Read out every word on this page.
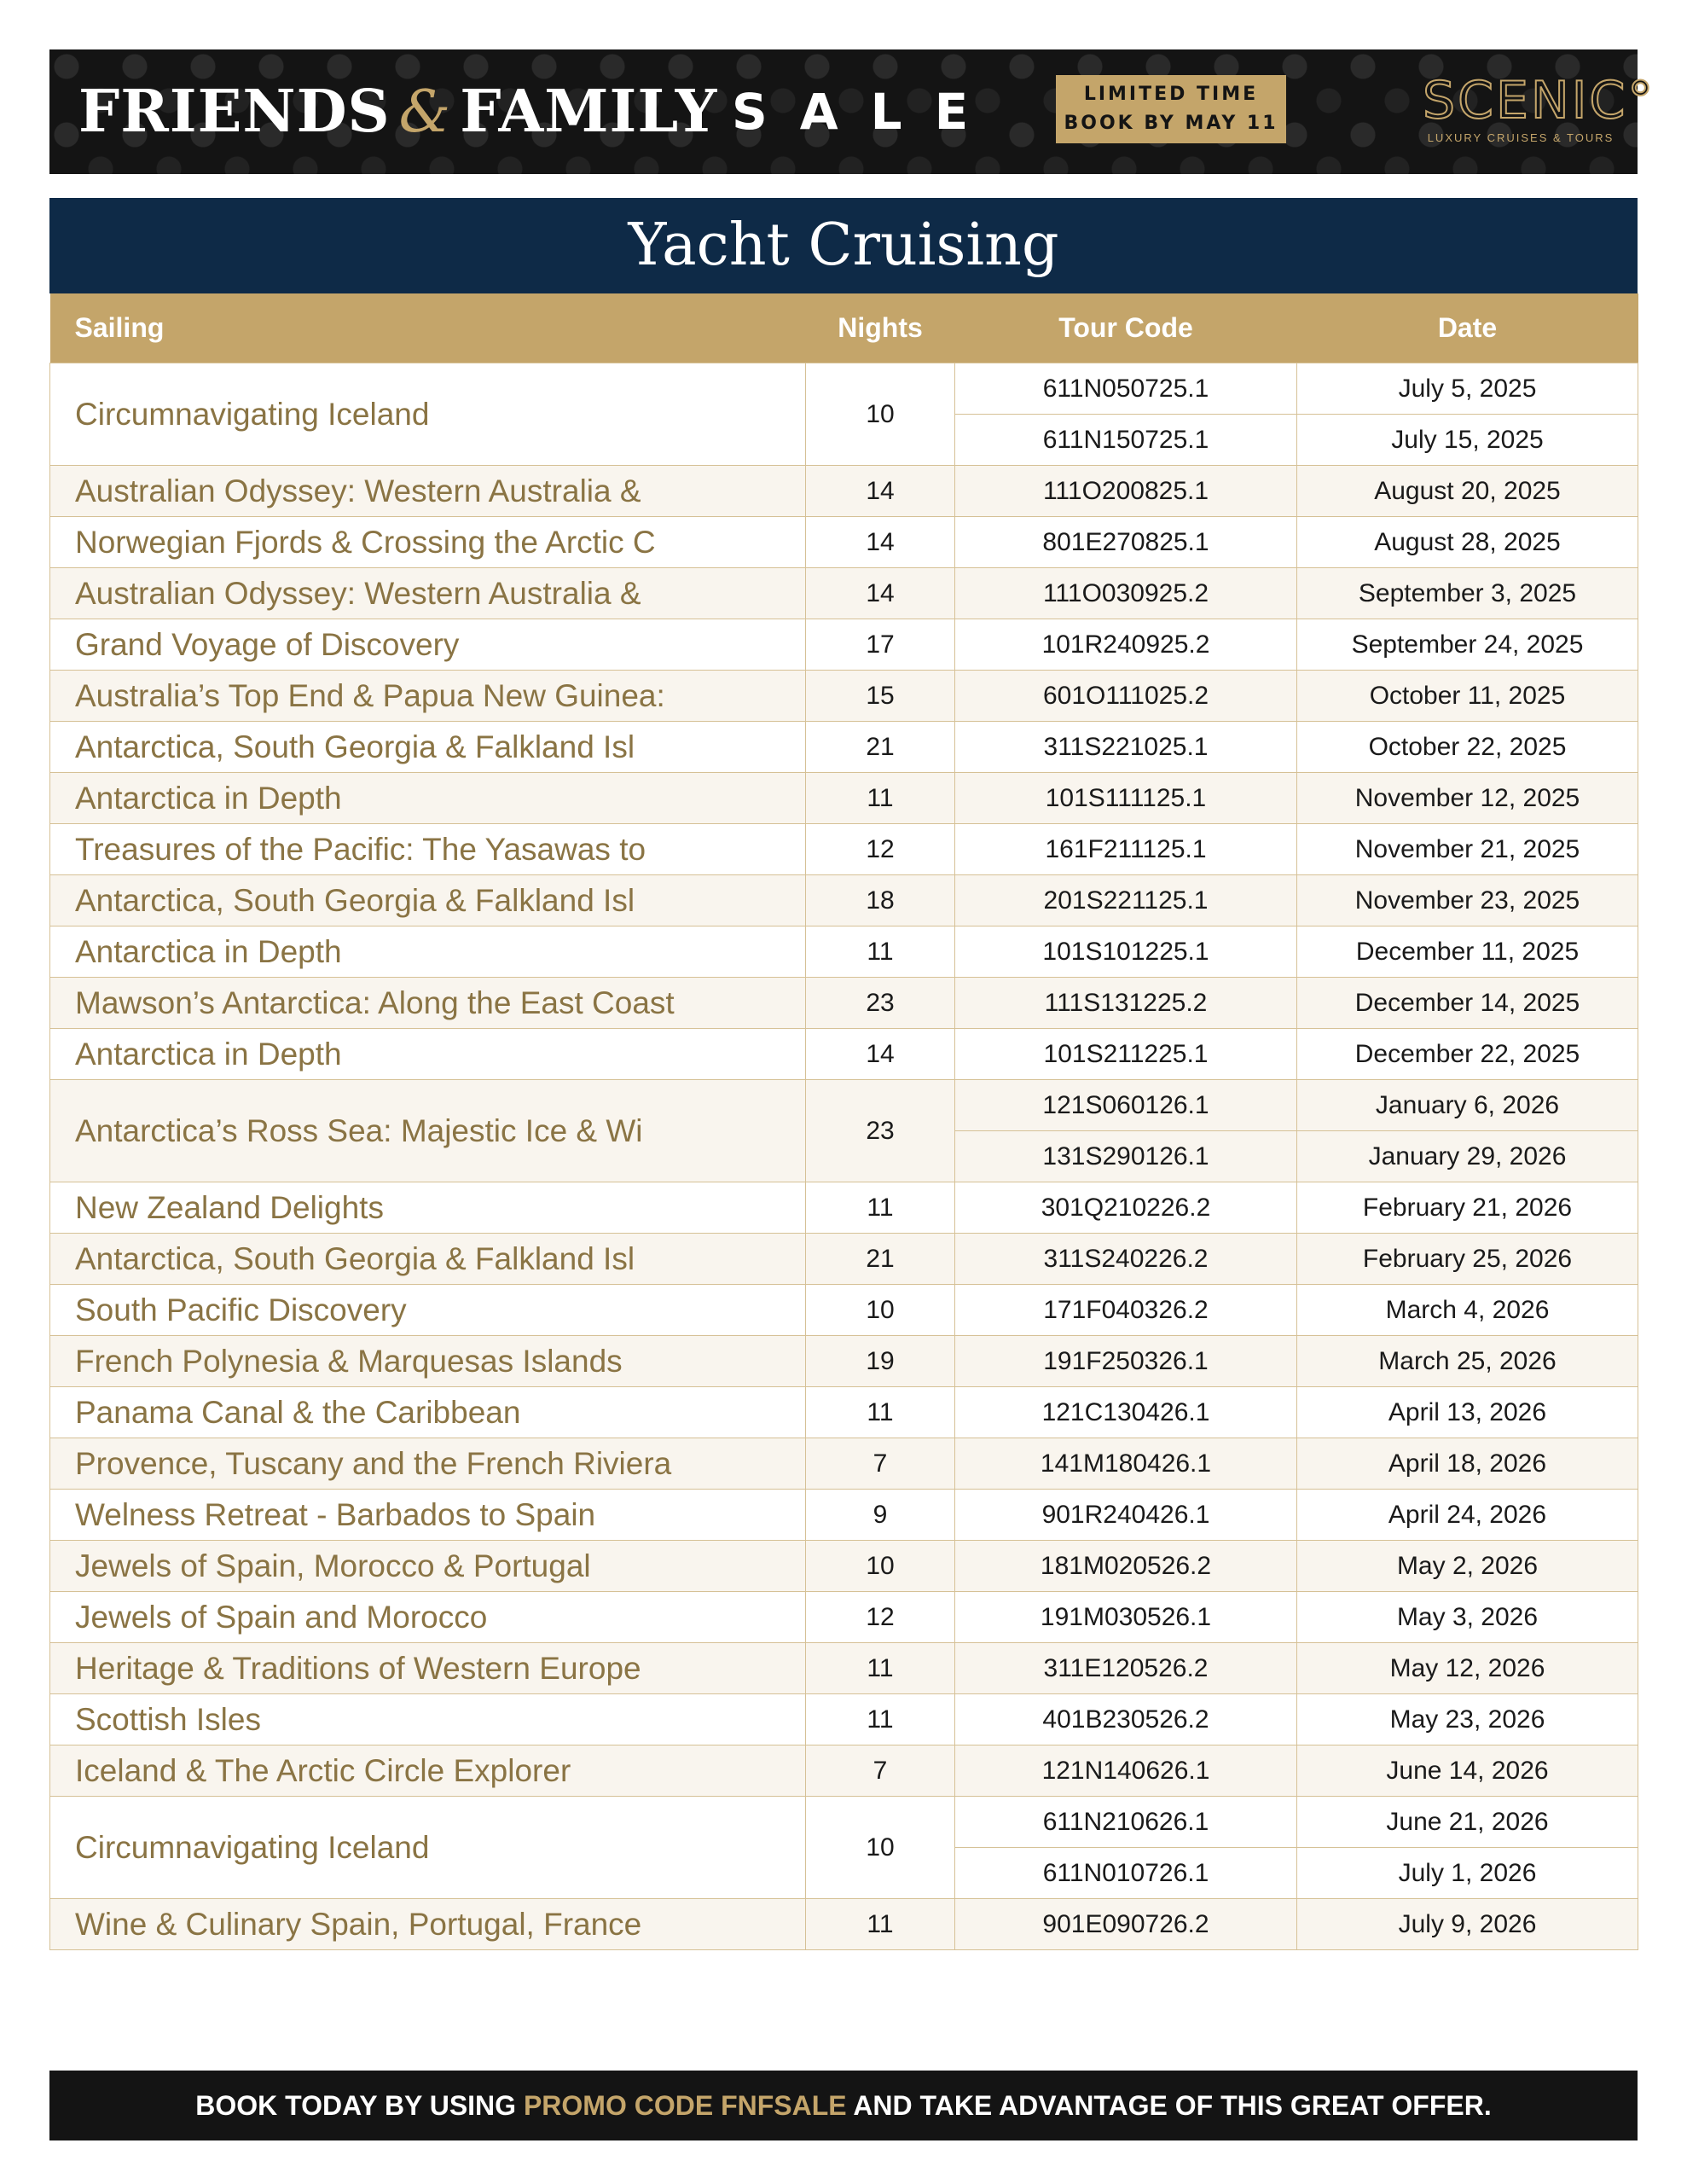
FRIENDS & FAMILY SALE	LIMITED TIME
BOOK BY MAY 11	SCENIC°
LUXURY CRUISES & TOURS
Yacht Cruising
Sailing	Nights	Tour Code	Date
Circumnavigating Iceland	10	611N050725.1	July 5, 2025
		611N150725.1	July 15, 2025
Australian Odyssey: Western Australia &	14	111O200825.1	August 20, 2025
Norwegian Fjords & Crossing the Arctic C	14	801E270825.1	August 28, 2025
Australian Odyssey: Western Australia &	14	111O030925.2	September 3, 2025
Grand Voyage of Discovery	17	101R240925.2	September 24, 2025
Australia’s Top End & Papua New Guinea:	15	601O111025.2	October 11, 2025
Antarctica, South Georgia & Falkland Isl	21	311S221025.1	October 22, 2025
Antarctica in Depth	11	101S111125.1	November 12, 2025
Treasures of the Pacific: The Yasawas to	12	161F211125.1	November 21, 2025
Antarctica, South Georgia & Falkland Isl	18	201S221125.1	November 23, 2025
Antarctica in Depth	11	101S101225.1	December 11, 2025
Mawson’s Antarctica: Along the East Coast	23	111S131225.2	December 14, 2025
Antarctica in Depth	14	101S211225.1	December 22, 2025
Antarctica’s Ross Sea: Majestic Ice & Wi	23	121S060126.1	January 6, 2026
		131S290126.1	January 29, 2026
New Zealand Delights	11	301Q210226.2	February 21, 2026
Antarctica, South Georgia & Falkland Isl	21	311S240226.2	February 25, 2026
South Pacific Discovery	10	171F040326.2	March 4, 2026
French Polynesia & Marquesas Islands	19	191F250326.1	March 25, 2026
Panama Canal & the Caribbean	11	121C130426.1	April 13, 2026
Provence, Tuscany and the French Riviera	7	141M180426.1	April 18, 2026
Welness Retreat - Barbados to Spain	9	901R240426.1	April 24, 2026
Jewels of Spain, Morocco & Portugal	10	181M020526.2	May 2, 2026
Jewels of Spain and Morocco	12	191M030526.1	May 3, 2026
Heritage & Traditions of Western Europe	11	311E120526.2	May 12, 2026
Scottish Isles	11	401B230526.2	May 23, 2026
Iceland & The Arctic Circle Explorer	7	121N140626.1	June 14, 2026
Circumnavigating Iceland	10	611N210626.1	June 21, 2026
		611N010726.1	July 1, 2026
Wine & Culinary Spain, Portugal, France	11	901E090726.2	July 9, 2026
BOOK TODAY BY USING PROMO CODE FNFSALE AND TAKE ADVANTAGE OF THIS GREAT OFFER.
